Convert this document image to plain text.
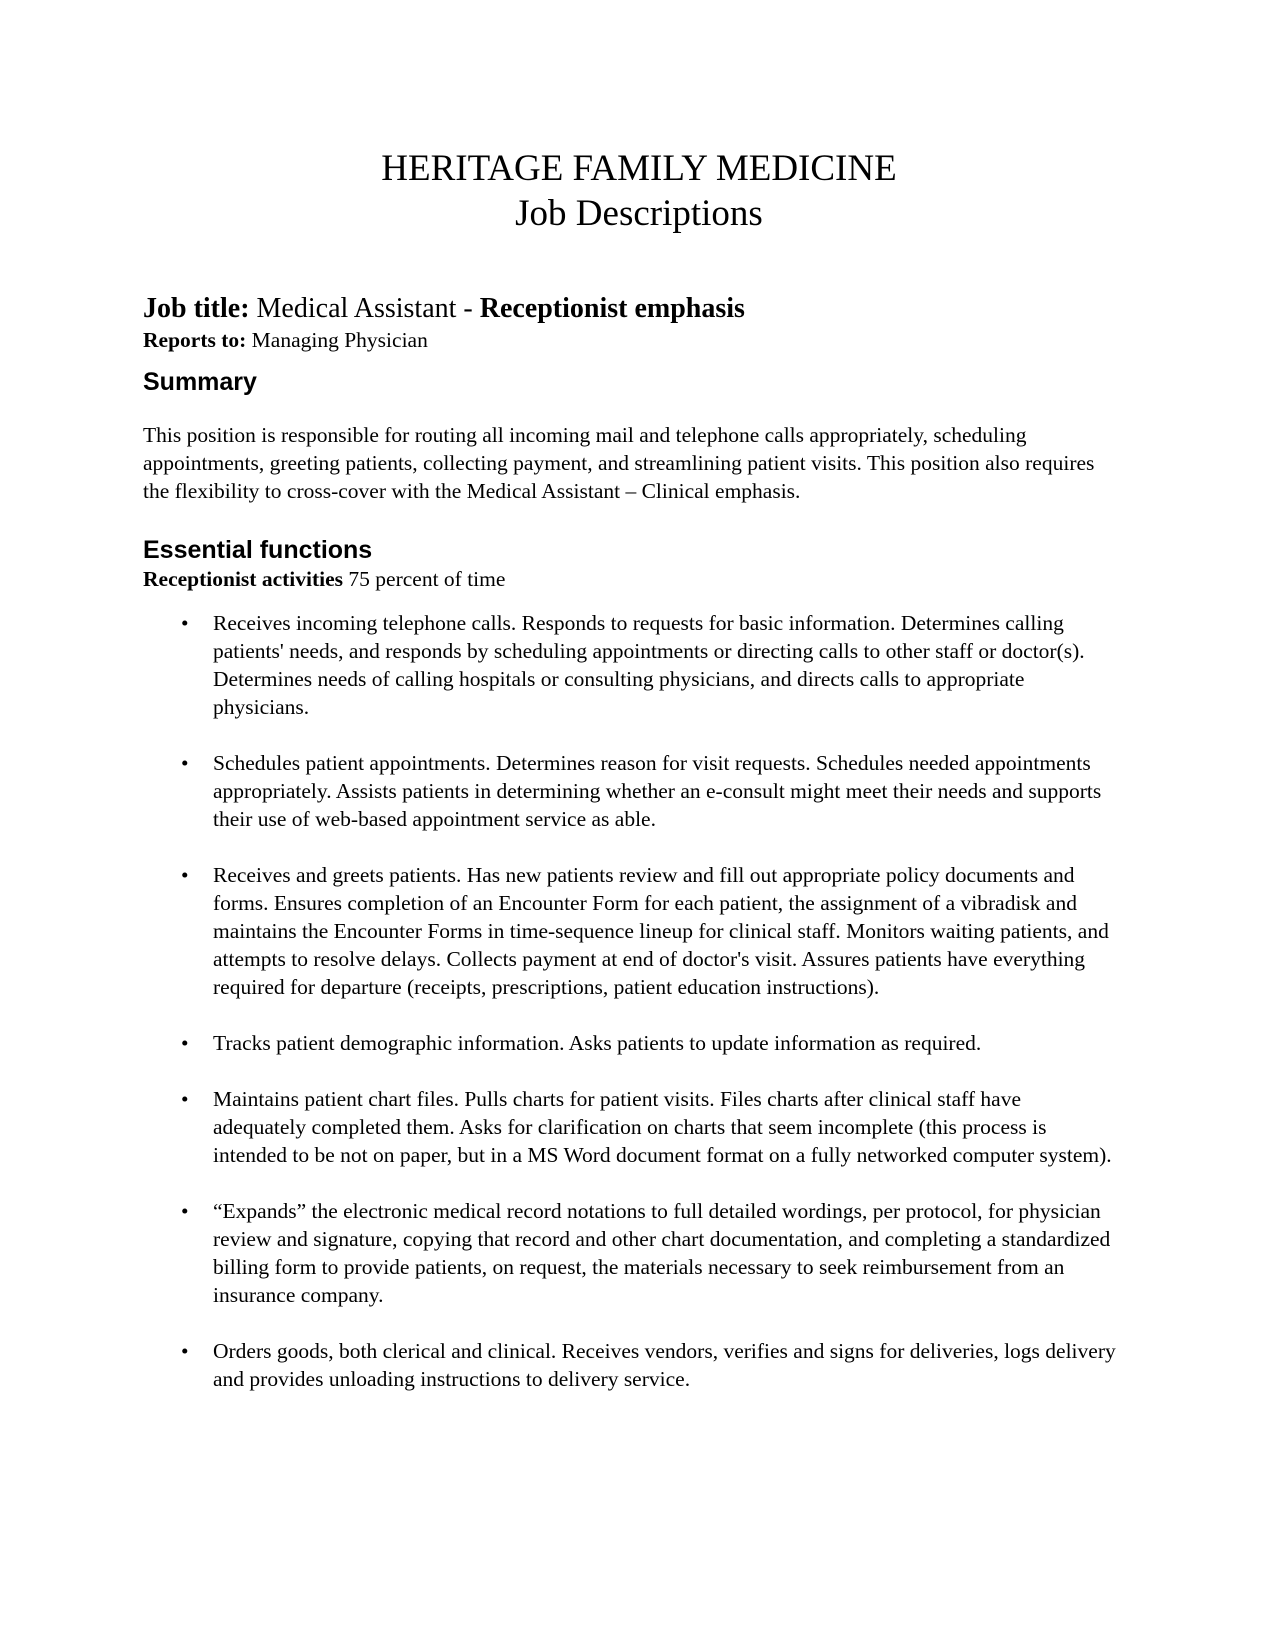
HERITAGE FAMILY MEDICINE
Job Descriptions
Job title: Medical Assistant - Receptionist emphasis
Reports to: Managing Physician
Summary

This position is responsible for routing all incoming mail and telephone calls appropriately, scheduling appointments, greeting patients, collecting payment, and streamlining patient visits. This position also requires the flexibility to cross-cover with the Medical Assistant – Clinical emphasis.

Essential functions
Receptionist activities 75 percent of time
• Receives incoming telephone calls. Responds to requests for basic information. Determines calling patients' needs, and responds by scheduling appointments or directing calls to other staff or doctor(s). Determines needs of calling hospitals or consulting physicians, and directs calls to appropriate physicians.
• Schedules patient appointments. Determines reason for visit requests. Schedules needed appointments appropriately. Assists patients in determining whether an e-consult might meet their needs and supports their use of web-based appointment service as able.
• Receives and greets patients. Has new patients review and fill out appropriate policy documents and forms. Ensures completion of an Encounter Form for each patient, the assignment of a vibradisk and maintains the Encounter Forms in time-sequence lineup for clinical staff. Monitors waiting patients, and attempts to resolve delays. Collects payment at end of doctor's visit. Assures patients have everything required for departure (receipts, prescriptions, patient education instructions).
• Tracks patient demographic information. Asks patients to update information as required.
• Maintains patient chart files. Pulls charts for patient visits. Files charts after clinical staff have adequately completed them. Asks for clarification on charts that seem incomplete (this process is intended to be not on paper, but in a MS Word document format on a fully networked computer system).
• “Expands” the electronic medical record notations to full detailed wordings, per protocol, for physician review and signature, copying that record and other chart documentation, and completing a standardized billing form to provide patients, on request, the materials necessary to seek reimbursement from an insurance company.
• Orders goods, both clerical and clinical. Receives vendors, verifies and signs for deliveries, logs delivery and provides unloading instructions to delivery service.
